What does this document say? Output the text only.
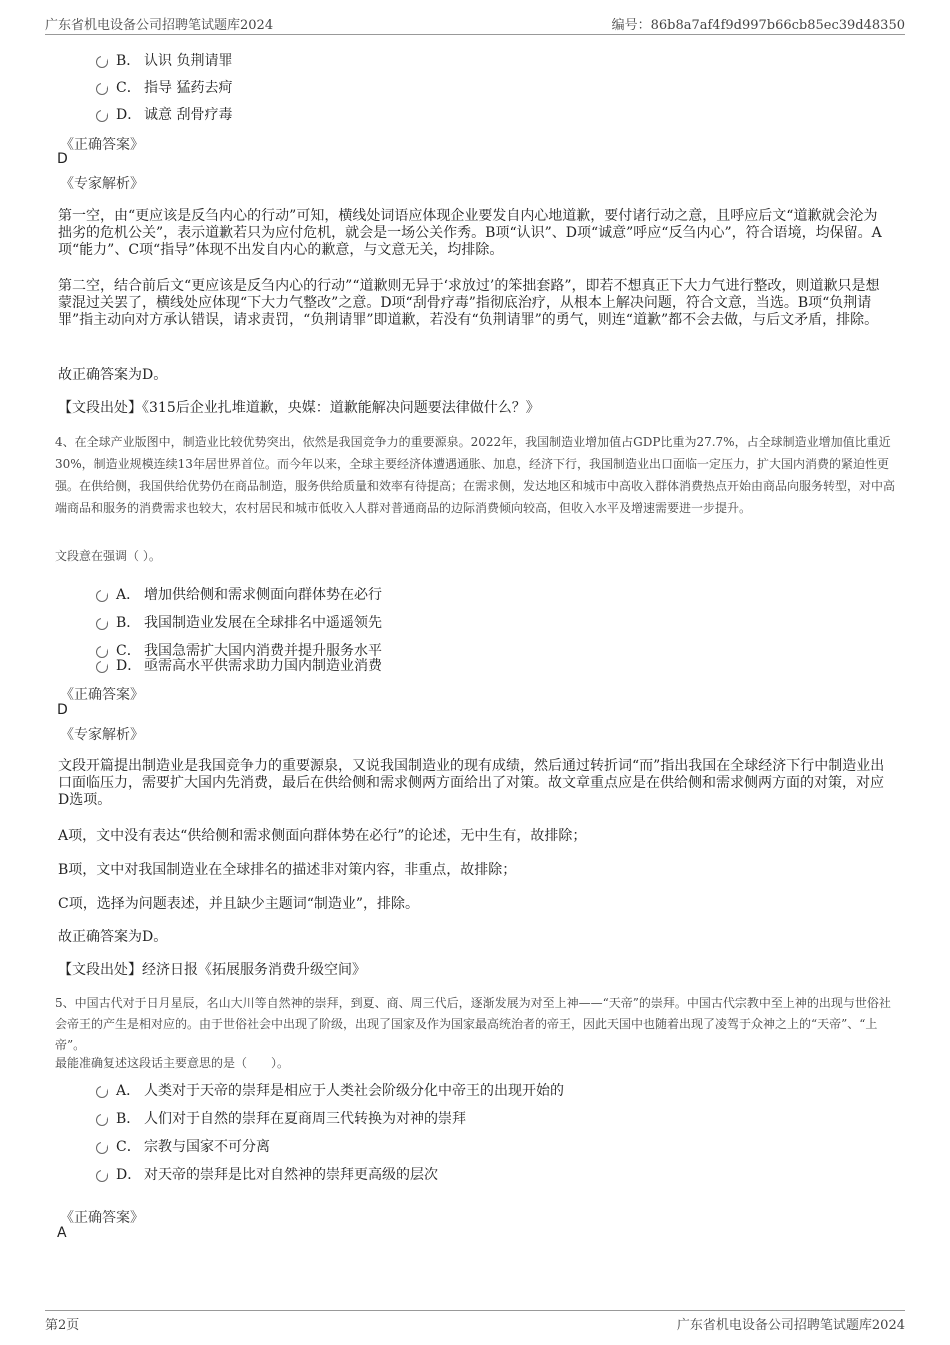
广东省机电设备公司招聘笔试题库2024	编号：86b8a7af4f9d997b66cb85ec39d48350
B． 认识 负荆请罪
C． 指导 猛药去疴
D． 诚意 刮骨疗毒
《正确答案》
D
《专家解析》
第一空，由“更应该是反刍内心的行动”可知，横线处词语应体现企业要发自内心地道歉，要付诸行动之意，且呼应后文“道歉就会沦为拙劣的危机公关”，表示道歉若只为应付危机，就会是一场公关作秀。B项“认识”、D项“诚意”呼应“反刍内心”，符合语境，均保留。A项“能力”、C项“指导”体现不出发自内心的歉意，与文意无关，均排除。
第二空，结合前后文“更应该是反刍内心的行动”“道歉则无异于‘求放过’的笨拙套路”，即若不想真正下大力气进行整改，则道歉只是想蒙混过关罢了，横线处应体现“下大力气整改”之意。D项“刮骨疗毒”指彻底治疗，从根本上解决问题，符合文意，当选。B项“负荆请罪”指主动向对方承认错误，请求责罚，“负荆请罪”即道歉，若没有“负荆请罪”的勇气，则连“道歉”都不会去做，与后文矛盾，排除。
故正确答案为D。
【文段出处】《315后企业扎堆道歉，央媒：道歉能解决问题要法律做什么？》
4、在全球产业版图中，制造业比较优势突出，依然是我国竞争力的重要源泉。2022年，我国制造业增加值占GDP比重为27.7%，占全球制造业增加值比重近30%，制造业规模连续13年居世界首位。而今年以来，全球主要经济体遭遇通胀、加息，经济下行，我国制造业出口面临一定压力，扩大国内消费的紧迫性更强。在供给侧，我国供给优势仍在商品制造，服务供给质量和效率有待提高；在需求侧，发达地区和城市中高收入群体消费热点开始由商品向服务转型，对中高端商品和服务的消费需求也较大，农村居民和城市低收入人群对普通商品的边际消费倾向较高，但收入水平及增速需要进一步提升。
文段意在强调（ ）。
A． 增加供给侧和需求侧面向群体势在必行
B． 我国制造业发展在全球排名中遥遥领先
C． 我国急需扩大国内消费并提升服务水平
D． 亟需高水平供需求助力国内制造业消费
《正确答案》
D
《专家解析》
文段开篇提出制造业是我国竞争力的重要源泉，又说我国制造业的现有成绩，然后通过转折词“而”指出我国在全球经济下行中制造业出口面临压力，需要扩大国内先消费，最后在供给侧和需求侧两方面给出了对策。故文章重点应是在供给侧和需求侧两方面的对策，对应D选项。
A项，文中没有表达“供给侧和需求侧面向群体势在必行”的论述，无中生有，故排除；
B项，文中对我国制造业在全球排名的描述非对策内容，非重点，故排除；
C项，选择为问题表述，并且缺少主题词“制造业”，排除。
故正确答案为D。
【文段出处】经济日报《拓展服务消费升级空间》
5、中国古代对于日月星辰，名山大川等自然神的崇拜，到夏、商、周三代后，逐渐发展为对至上神——“天帝”的崇拜。中国古代宗教中至上神的出现与世俗社会帝王的产生是相对应的。由于世俗社会中出现了阶级，出现了国家及作为国家最高统治者的帝王，因此天国中也随着出现了凌驾于众神之上的“天帝”、“上帝”。
最能准确复述这段话主要意思的是（　　）。
A． 人类对于天帝的崇拜是相应于人类社会阶级分化中帝王的出现开始的
B． 人们对于自然的崇拜在夏商周三代转换为对神的崇拜
C． 宗教与国家不可分离
D． 对天帝的崇拜是比对自然神的崇拜更高级的层次
《正确答案》
A
第2页	广东省机电设备公司招聘笔试题库2024
